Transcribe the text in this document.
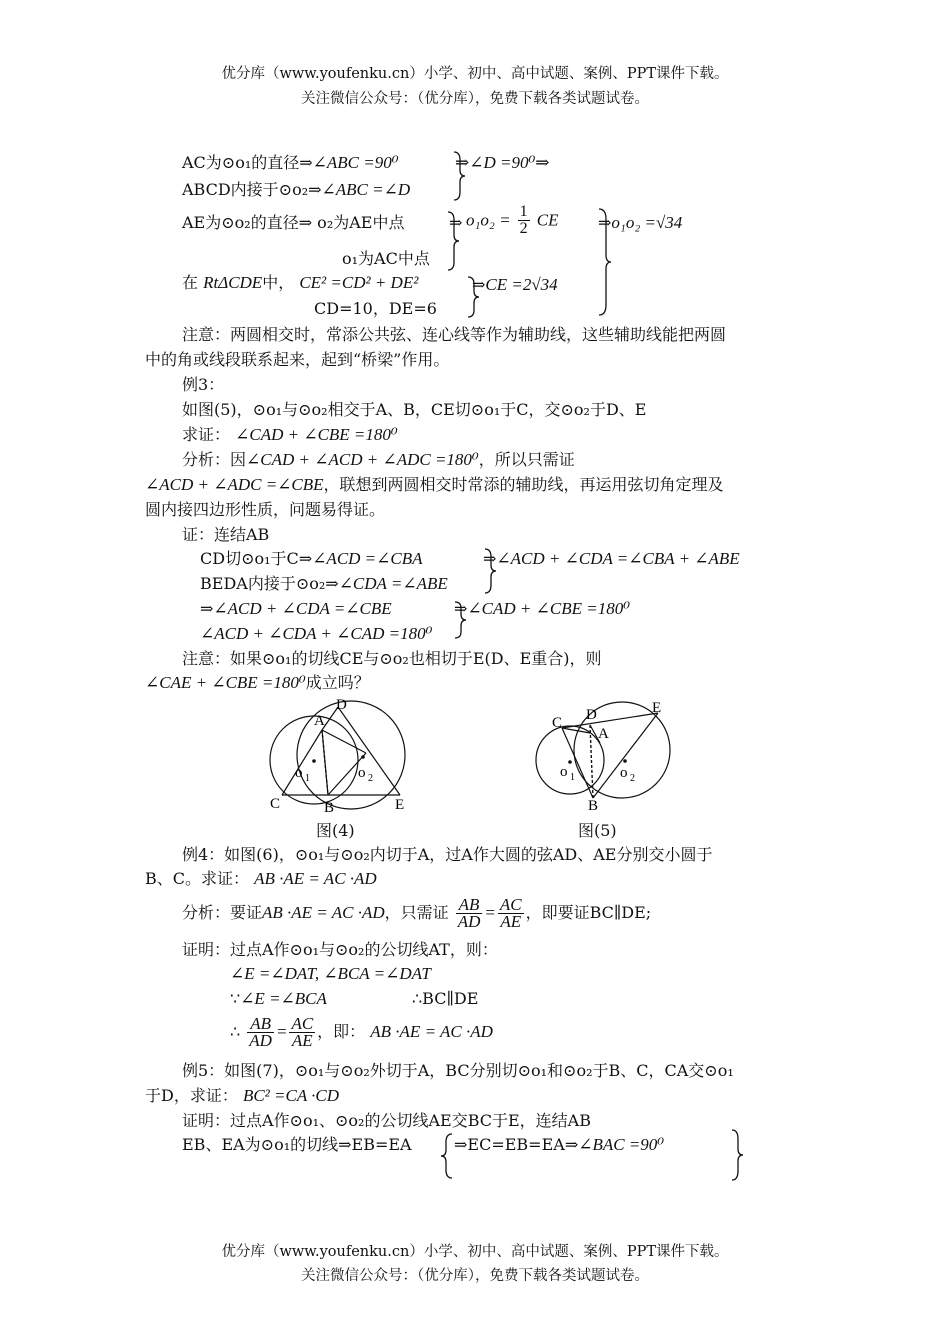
优分库（www.youfenku.cn）小学、初中、高中试题、案例、PPT课件下载。
关注微信公众号：（优分库），免费下载各类试题试卷。
AC为⊙o₁的直径⇒∠ABC =90⁰	⇒∠D =90⁰⇒
ABCD内接于⊙o₂⇒∠ABC =∠D
AE为⊙o₂的直径⇒ o₂为AE中点	⇒ $o_1o_2 = \frac{1}{2}$ CE ⇒o₁o₂ =√34
o₁为AC中点
在 RtΔCDE中， CE² =CD² + DE²	⇒CE =2√34
CD=10，DE=6
注意：两圆相交时，常添公共弦、连心线等作为辅助线，这些辅助线能把两圆
中的角或线段联系起来，起到“桥梁”作用。
例3：
如图(5)，⊙o₁与⊙o₂相交于A、B，CE切⊙o₁于C，交⊙o₂于D、E
求证： ∠CAD + ∠CBE =180⁰
分析：因∠CAD + ∠ACD + ∠ADC =180⁰，所以只需证
∠ACD + ∠ADC =∠CBE，联想到两圆相交时常添的辅助线，再运用弦切角定理及
圆内接四边形性质，问题易得证。
证：连结AB
CD切⊙o₁于C⇒∠ACD =∠CBA	⇒∠ACD + ∠CDA =∠CBA + ∠ABE
BEDA内接于⊙o₂⇒∠CDA =∠ABE
⇒∠ACD + ∠CDA =∠CBE	⇒∠CAD + ∠CBE =180⁰
∠ACD + ∠CDA + ∠CAD =180⁰
注意：如果⊙o₁的切线CE与⊙o₂也相切于E(D、E重合)，则
∠CAE + ∠CBE =180⁰成立吗？
A
D
C	B	E
o 1	o 2
图(4)
C D
A
E
B
o 1	o 2
图(5)
例4：如图(6)，⊙o₁与⊙o₂内切于A，过A作大圆的弦AD、AE分别交小圆于
B、C。求证： AB ·AE = AC ·AD
分析：要证AB ·AE = AC ·AD，只需证 $\frac{AB}{AD} = \frac{AC}{AE}$ ，即要证BC∥DE;
证明：过点A作⊙o₁与⊙o₂的公切线AT，则：
∠E =∠DAT, ∠BCA =∠DAT
∵∠E =∠BCA	∴BC∥DE
∴ $\frac{AB}{AD} = \frac{AC}{AE}$ ，即： AB ·AE = AC ·AD
例5：如图(7)，⊙o₁与⊙o₂外切于A，BC分别切⊙o₁和⊙o₂于B、C，CA交⊙o₁
于D，求证： BC² =CA ·CD
证明：过点A作⊙o₁、⊙o₂的公切线AE交BC于E，连结AB
EB、EA为⊙o₁的切线⇒EB=EA	⇒EC=EB=EA⇒∠BAC =90⁰
优分库（www.youfenku.cn）小学、初中、高中试题、案例、PPT课件下载。
关注微信公众号：（优分库），免费下载各类试题试卷。
